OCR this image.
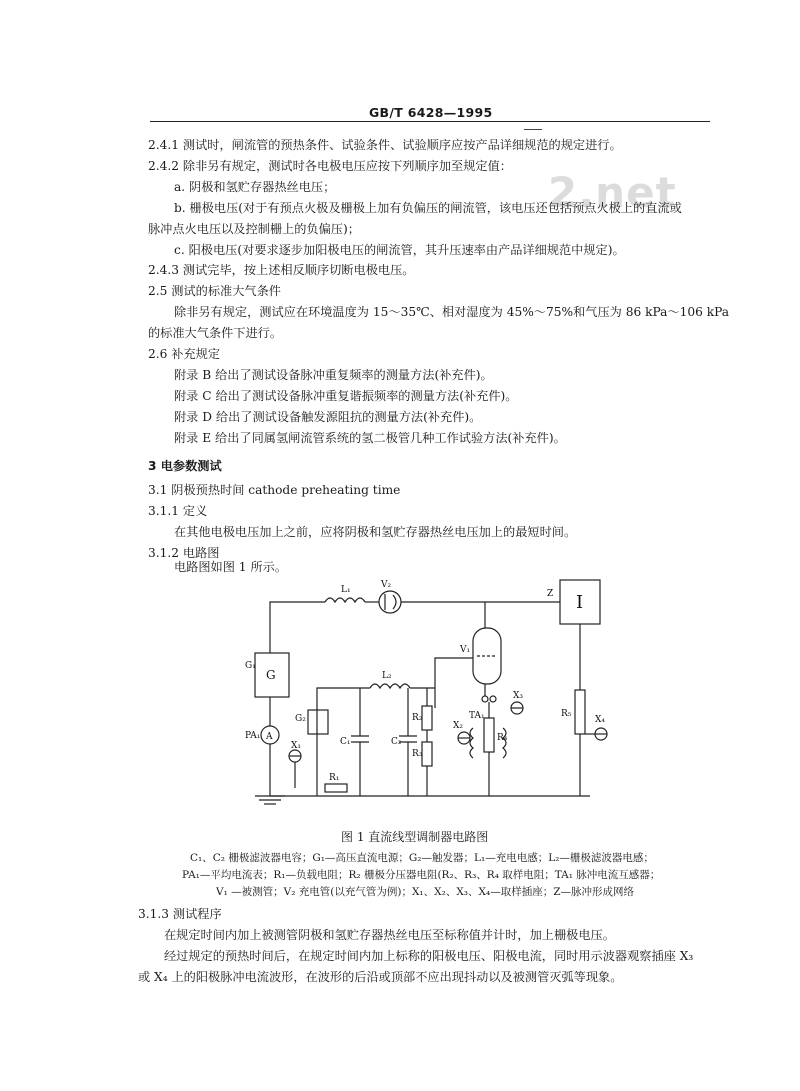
GB/T 6428—1995
2.net
2.4.1 测试时，闸流管的预热条件、试验条件、试验顺序应按产品详细规范的规定进行。
2.4.2 除非另有规定，测试时各电极电压应按下列顺序加至规定值：
a. 阴极和氢贮存器热丝电压；
b. 栅极电压(对于有预点火极及栅极上加有负偏压的闸流管，该电压还包括预点火极上的直流或
脉冲点火电压以及控制栅上的负偏压)；
c. 阳极电压(对要求逐步加阳极电压的闸流管，其升压速率由产品详细规范中规定)。
2.4.3 测试完毕，按上述相反顺序切断电极电压。
2.5 测试的标准大气条件
除非另有规定，测试应在环境温度为 15～35℃、相对湿度为 45%～75%和气压为 86 kPa～106 kPa
的标准大气条件下进行。
2.6 补充规定
附录 B 给出了测试设备脉冲重复频率的测量方法(补充件)。
附录 C 给出了测试设备脉冲重复谐振频率的测量方法(补充件)。
附录 D 给出了测试设备触发源阻抗的测量方法(补充件)。
附录 E 给出了同属氢闸流管系统的氢二极管几种工作试验方法(补充件)。
3 电参数测试
3.1 阴极预热时间 cathode preheating time
3.1.1 定义
在其他电极电压加上之前，应将阴极和氢贮存器热丝电压加上的最短时间。
3.1.2 电路图
电路图如图 1 所示。
L₁	V₂
Z I
V₁
G₁
G	L₂
G₂
PA₁ A
X₁	C₁	C₂
R₁
R₂
R₃
TA₁
X₂
R₄
X₃
R₅
X₄
图 1 直流线型调制器电路图
C₁、C₂ 栅极滤波器电容；G₁—高压直流电源；G₂—触发器；L₁—充电电感；L₂—栅极滤波器电感；
PA₁—平均电流表；R₁—负载电阻；R₂ 栅极分压器电阻(R₂、R₃、R₄ 取样电阻；TA₁ 脉冲电流互感器；
V₁ —被测管；V₂ 充电管(以充气管为例)；X₁、X₂、X₃、X₄—取样插座；Z—脉冲形成网络
3.1.3 测试程序
在规定时间内加上被测管阴极和氢贮存器热丝电压至标称值并计时，加上栅极电压。
经过规定的预热时间后，在规定时间内加上标称的阳极电压、阳极电流，同时用示波器观察插座 X₃
或 X₄ 上的阳极脉冲电流波形，在波形的后沿或顶部不应出现抖动以及被测管灭弧等现象。
